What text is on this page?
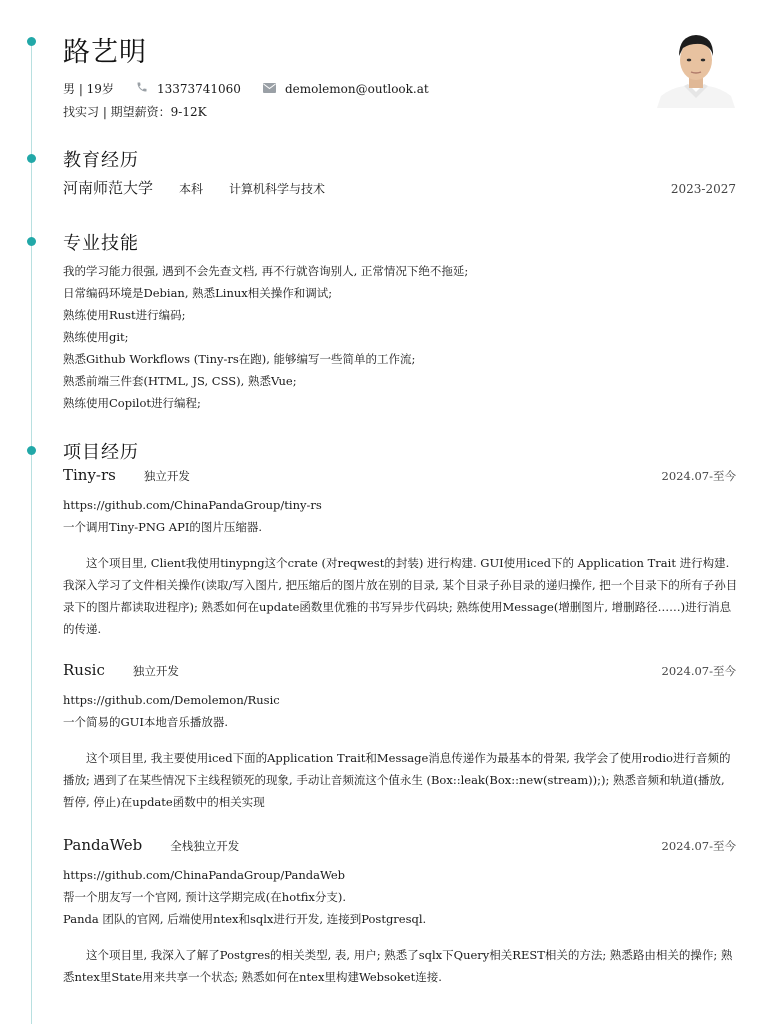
路艺明
男 | 19岁	13373741060	demolemon@outlook.at
找实习 | 期望薪资：9-12K
教育经历
河南师范大学 本科 计算机科学与技术	2023-2027
专业技能
我的学习能力很强, 遇到不会先查文档, 再不行就咨询别人, 正常情况下绝不拖延;
日常编码环境是Debian, 熟悉Linux相关操作和调试;
熟练使用Rust进行编码;
熟练使用git;
熟悉Github Workflows (Tiny-rs在跑), 能够编写一些简单的工作流;
熟悉前端三件套(HTML, JS, CSS), 熟悉Vue;
熟练使用Copilot进行编程;
项目经历
Tiny-rs 独立开发	2024.07-至今
https://github.com/ChinaPandaGroup/tiny-rs
一个调用Tiny-PNG API的图片压缩器.
这个项目里, Client我使用tinypng这个crate (对reqwest的封装) 进行构建. GUI使用iced下的 Application Trait 进行构建. 我深入学习了文件相关操作(读取/写入图片, 把压缩后的图片放在别的目录, 某个目录子孙目录的递归操作, 把一个目录下的所有子孙目录下的图片都读取进程序); 熟悉如何在update函数里优雅的书写异步代码块; 熟练使用Message(增删图片, 增删路径……)进行消息的传递.
Rusic 独立开发	2024.07-至今
https://github.com/Demolemon/Rusic
一个简易的GUI本地音乐播放器.
这个项目里, 我主要使用iced下面的Application Trait和Message消息传递作为最基本的骨架, 我学会了使用rodio进行音频的播放; 遇到了在某些情况下主线程锁死的现象, 手动让音频流这个值永生 (Box::leak(Box::new(stream));); 熟悉音频和轨道(播放, 暂停, 停止)在update函数中的相关实现
PandaWeb 全栈独立开发	2024.07-至今
https://github.com/ChinaPandaGroup/PandaWeb
帮一个朋友写一个官网, 预计这学期完成(在hotfix分支).
Panda 团队的官网, 后端使用ntex和sqlx进行开发, 连接到Postgresql.
这个项目里, 我深入了解了Postgres的相关类型, 表, 用户; 熟悉了sqlx下Query相关REST相关的方法; 熟悉路由相关的操作; 熟悉ntex里State用来共享一个状态; 熟悉如何在ntex里构建Websoket连接.
